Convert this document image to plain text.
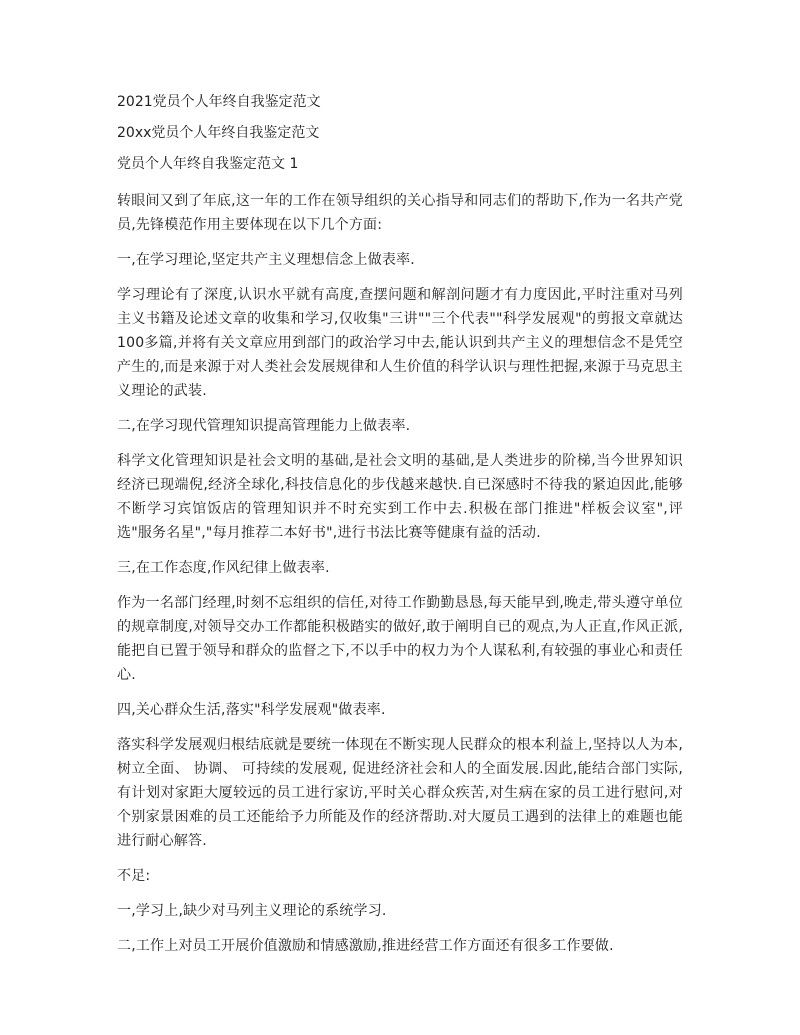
2021党员个人年终自我鉴定范文

20xx党员个人年终自我鉴定范文

党员个人年终自我鉴定范文 1

转眼间又到了年底,这一年的工作在领导组织的关心指导和同志们的帮助下,作为一名共产党员,先锋模范作用主要体现在以下几个方面:

一,在学习理论,坚定共产主义理想信念上做表率.

学习理论有了深度,认识水平就有高度,查摆问题和解剖问题才有力度因此,平时注重对马列主义书籍及论述文章的收集和学习,仅收集"三讲""三个代表""科学发展观"的剪报文章就达100多篇,并将有关文章应用到部门的政治学习中去,能认识到共产主义的理想信念不是凭空产生的,而是来源于对人类社会发展规律和人生价值的科学认识与理性把握,来源于马克思主义理论的武装.

二,在学习现代管理知识提高管理能力上做表率.

科学文化管理知识是社会文明的基础,是社会文明的基础,是人类进步的阶梯,当今世界知识经济已现端倪,经济全球化,科技信息化的步伐越来越快.自已深感时不待我的紧迫因此,能够不断学习宾馆饭店的管理知识并不时充实到工作中去.积极在部门推进"样板会议室",评选"服务名星","每月推荐二本好书",进行书法比赛等健康有益的活动.

三,在工作态度,作风纪律上做表率.

作为一名部门经理,时刻不忘组织的信任,对待工作勤勤恳恳,每天能早到,晚走,带头遵守单位的规章制度,对领导交办工作都能积极踏实的做好,敢于阐明自已的观点,为人正直,作风正派,能把自已置于领导和群众的监督之下,不以手中的权力为个人谋私利,有较强的事业心和责任心.

四,关心群众生活,落实"科学发展观"做表率.

落实科学发展观归根结底就是要统一体现在不断实现人民群众的根本利益上,坚持以人为本, 树立全面、 协调、 可持续的发展观, 促进经济社会和人的全面发展.因此,能结合部门实际,有计划对家距大厦较远的员工进行家访,平时关心群众疾苦,对生病在家的员工进行慰问,对个别家景困难的员工还能给予力所能及作的经济帮助.对大厦员工遇到的法律上的难题也能进行耐心解答.

不足:

一,学习上,缺少对马列主义理论的系统学习.

二,工作上对员工开展价值激励和情感激励,推进经营工作方面还有很多工作要做.
